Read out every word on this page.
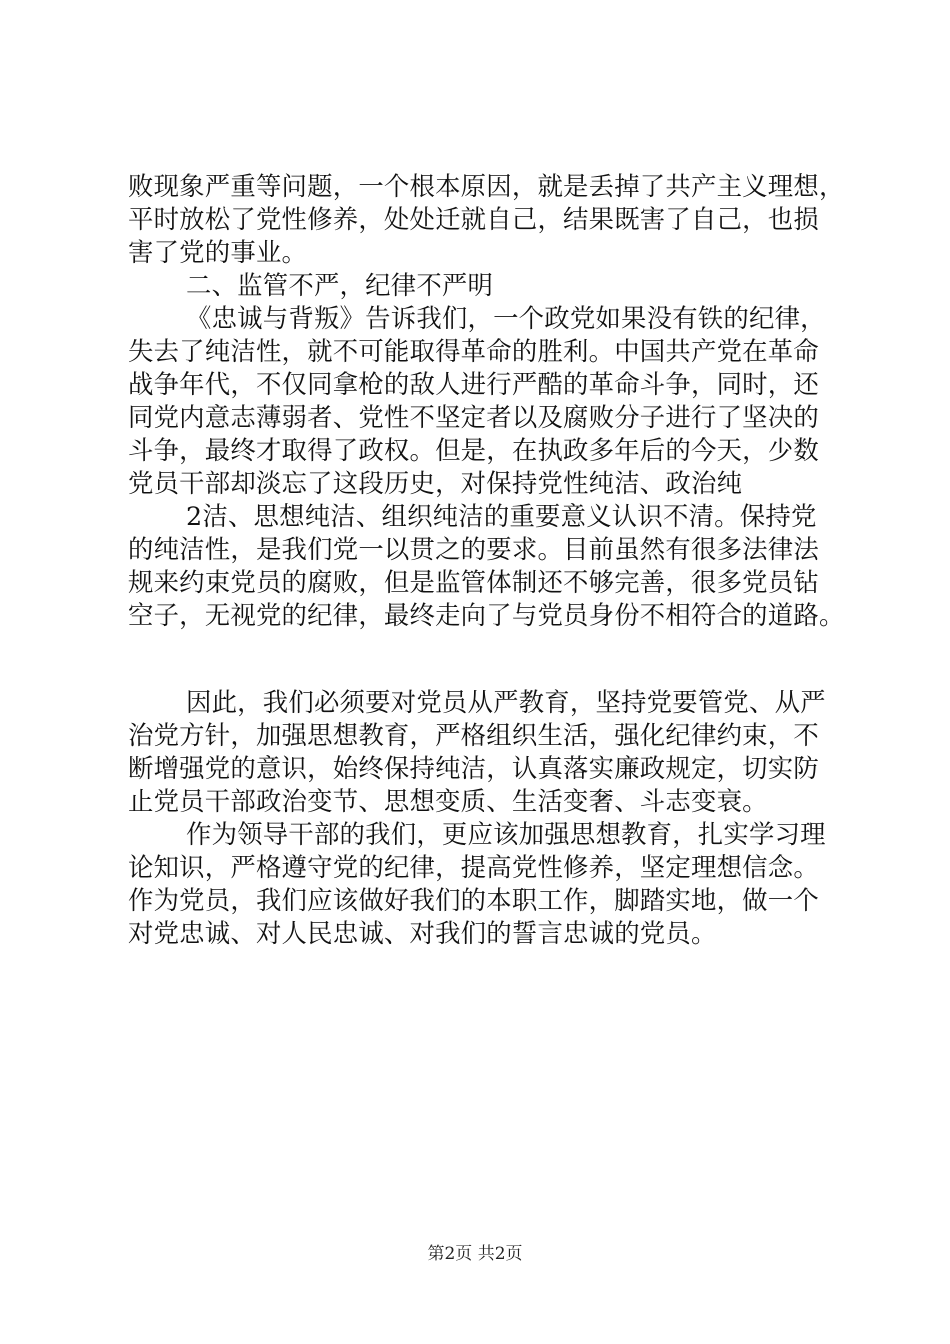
败现象严重等问题，一个根本原因，就是丢掉了共产主义理想，
平时放松了党性修养，处处迁就自己，结果既害了自己，也损
害了党的事业。
二、监管不严，纪律不严明
《忠诚与背叛》告诉我们，一个政党如果没有铁的纪律，
失去了纯洁性，就不可能取得革命的胜利。中国共产党在革命
战争年代，不仅同拿枪的敌人进行严酷的革命斗争，同时，还
同党内意志薄弱者、党性不坚定者以及腐败分子进行了坚决的
斗争，最终才取得了政权。但是，在执政多年后的今天，少数
党员干部却淡忘了这段历史，对保持党性纯洁、政治纯
2洁、思想纯洁、组织纯洁的重要意义认识不清。保持党
的纯洁性，是我们党一以贯之的要求。目前虽然有很多法律法
规来约束党员的腐败，但是监管体制还不够完善，很多党员钻
空子，无视党的纪律，最终走向了与党员身份不相符合的道路。
因此，我们必须要对党员从严教育，坚持党要管党、从严
治党方针，加强思想教育，严格组织生活，强化纪律约束，不
断增强党的意识，始终保持纯洁，认真落实廉政规定，切实防
止党员干部政治变节、思想变质、生活变奢、斗志变衰。
作为领导干部的我们，更应该加强思想教育，扎实学习理
论知识，严格遵守党的纪律，提高党性修养，坚定理想信念。
作为党员，我们应该做好我们的本职工作，脚踏实地，做一个
对党忠诚、对人民忠诚、对我们的誓言忠诚的党员。
第2页 共2页
